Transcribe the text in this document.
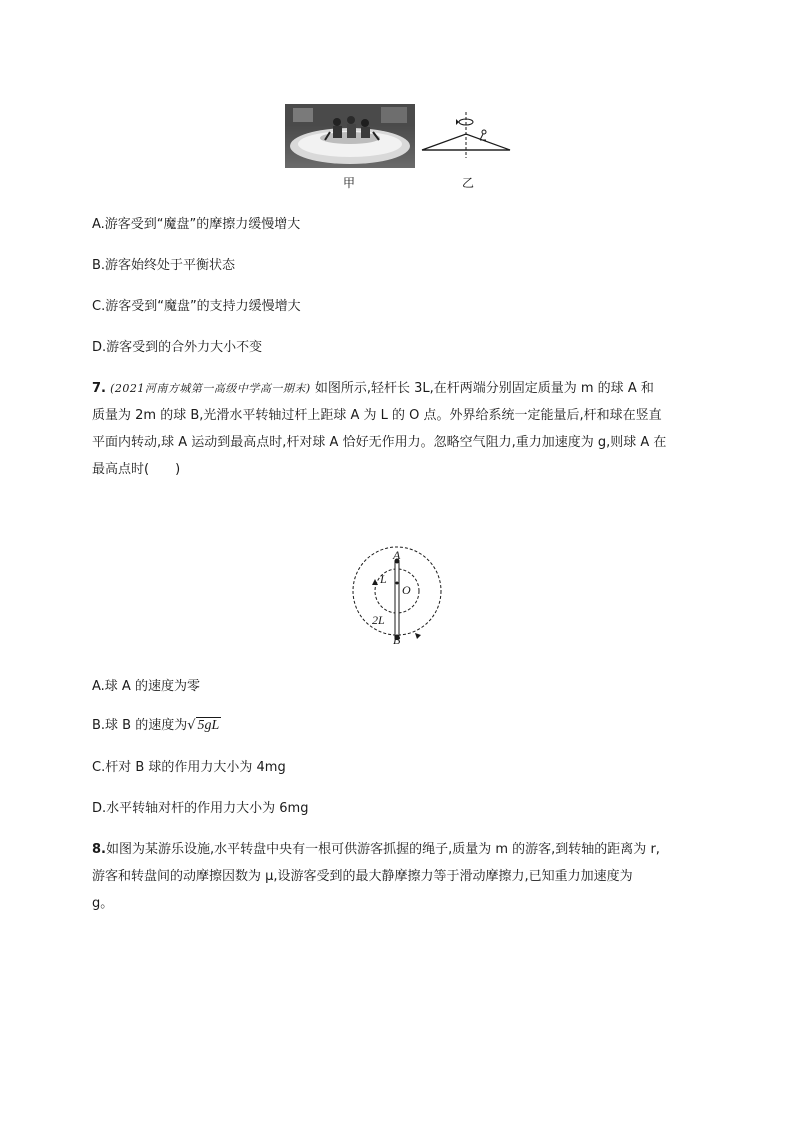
甲	乙
A.游客受到“魔盘”的摩擦力缓慢增大
B.游客始终处于平衡状态
C.游客受到“魔盘”的支持力缓慢增大
D.游客受到的合外力大小不变
7. (2021河南方城第一高级中学高一期末) 如图所示,轻杆长 3L,在杆两端分别固定质量为 m 的球 A 和
质量为 2m 的球 B,光滑水平转轴过杆上距球 A 为 L 的 O 点。外界给系统一定能量后,杆和球在竖直
平面内转动,球 A 运动到最高点时,杆对球 A 恰好无作用力。忽略空气阻力,重力加速度为 g,则球 A 在
最高点时(　　)
A
L
O
2L
B
A.球 A 的速度为零
B.球 B 的速度为√ 5gL
C.杆对 B 球的作用力大小为 4mg
D.水平转轴对杆的作用力大小为 6mg
8.如图为某游乐设施,水平转盘中央有一根可供游客抓握的绳子,质量为 m 的游客,到转轴的距离为 r,
游客和转盘间的动摩擦因数为 μ,设游客受到的最大静摩擦力等于滑动摩擦力,已知重力加速度为
g。
